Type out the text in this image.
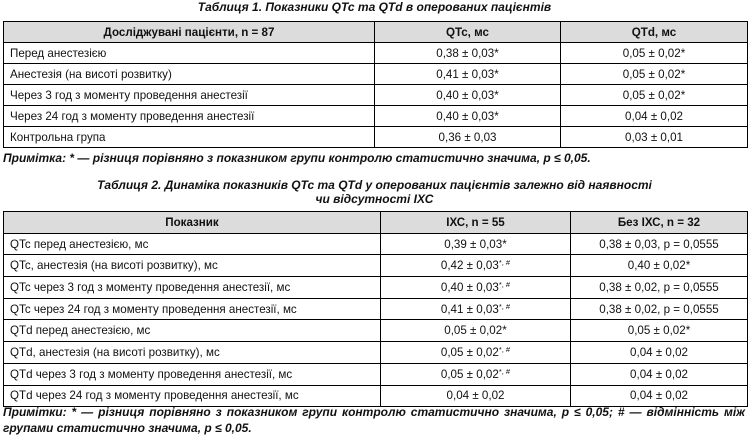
Таблиця 1. Показники QTc та QTd в оперованих пацієнтів
Досліджувані пацієнти, n = 87	QTc, мс	QTd, мс
Перед анестезією	0,38 ± 0,03*	0,05 ± 0,02*
Анестезія (на висоті розвитку)	0,41 ± 0,03*	0,05 ± 0,02*
Через 3 год з моменту проведення анестезії	0,40 ± 0,03*	0,05 ± 0,02*
Через 24 год з моменту проведення анестезії	0,40 ± 0,03*	0,04 ± 0,02
Контрольна група	0,36 ± 0,03	0,03 ± 0,01
Примітка: * — різниця порівняно з показником групи контролю статистично значима, р ≤ 0,05.
Таблиця 2. Динаміка показників QTc та QTd у оперованих пацієнтів залежно від наявності
чи відсутності ІХС
Показник	ІХС, n = 55	Без ІХС, n = 32
QTc перед анестезією, мс	0,39 ± 0,03*	0,38 ± 0,03, р = 0,0555
QTc, анестезія (на висоті розвитку), мс	0,42 ± 0,03*, #	0,40 ± 0,02*
QTc через 3 год з моменту проведення анестезії, мс	0,40 ± 0,03*, #	0,38 ± 0,02, р = 0,0555
QTc через 24 год з моменту проведення анестезії, мс	0,41 ± 0,03*, #	0,38 ± 0,02, р = 0,0555
QTd перед анестезією, мс	0,05 ± 0,02*	0,05 ± 0,02*
QTd, анестезія (на висоті розвитку), мс	0,05 ± 0,02*, #	0,04 ± 0,02
QTd через 3 год з моменту проведення анестезії, мс	0,05 ± 0,02*, #	0,04 ± 0,02
QTd через 24 год з моменту проведення анестезії, мс	0,04 ± 0,02	0,04 ± 0,02
Примітки: * — різниця порівняно з показником групи контролю статистично значима, р ≤ 0,05; # — відмінність між групами статистично значима, р ≤ 0,05.
